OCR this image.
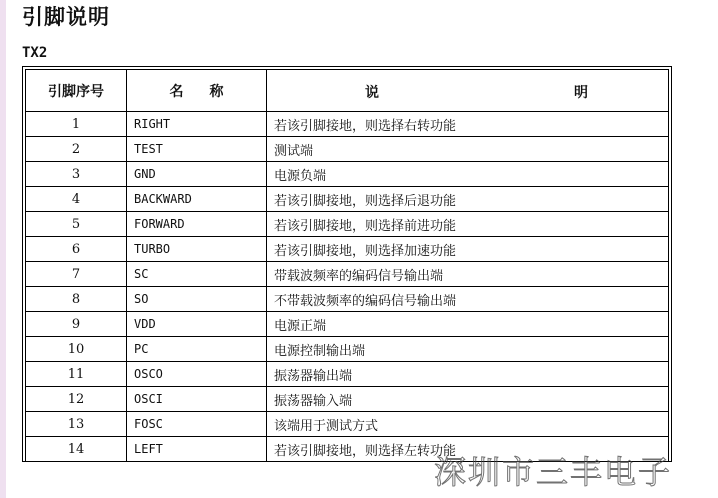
引脚说明
TX2
引脚序号	名 称	说 明

1	RIGHT	若该引脚接地，则选择右转功能
2	TEST	测试端
3	GND	电源负端
4	BACKWARD	若该引脚接地，则选择后退功能
5	FORWARD	若该引脚接地，则选择前进功能
6	TURBO	若该引脚接地，则选择加速功能
7	SC	带载波频率的编码信号输出端
8	SO	不带载波频率的编码信号输出端
9	VDD	电源正端
10	PC	电源控制输出端
11	OSCO	振荡器输出端
12	OSCI	振荡器输入端
13	FOSC	该端用于测试方式
14	LEFT	若该引脚接地，则选择左转功能
深圳市三丰电子
